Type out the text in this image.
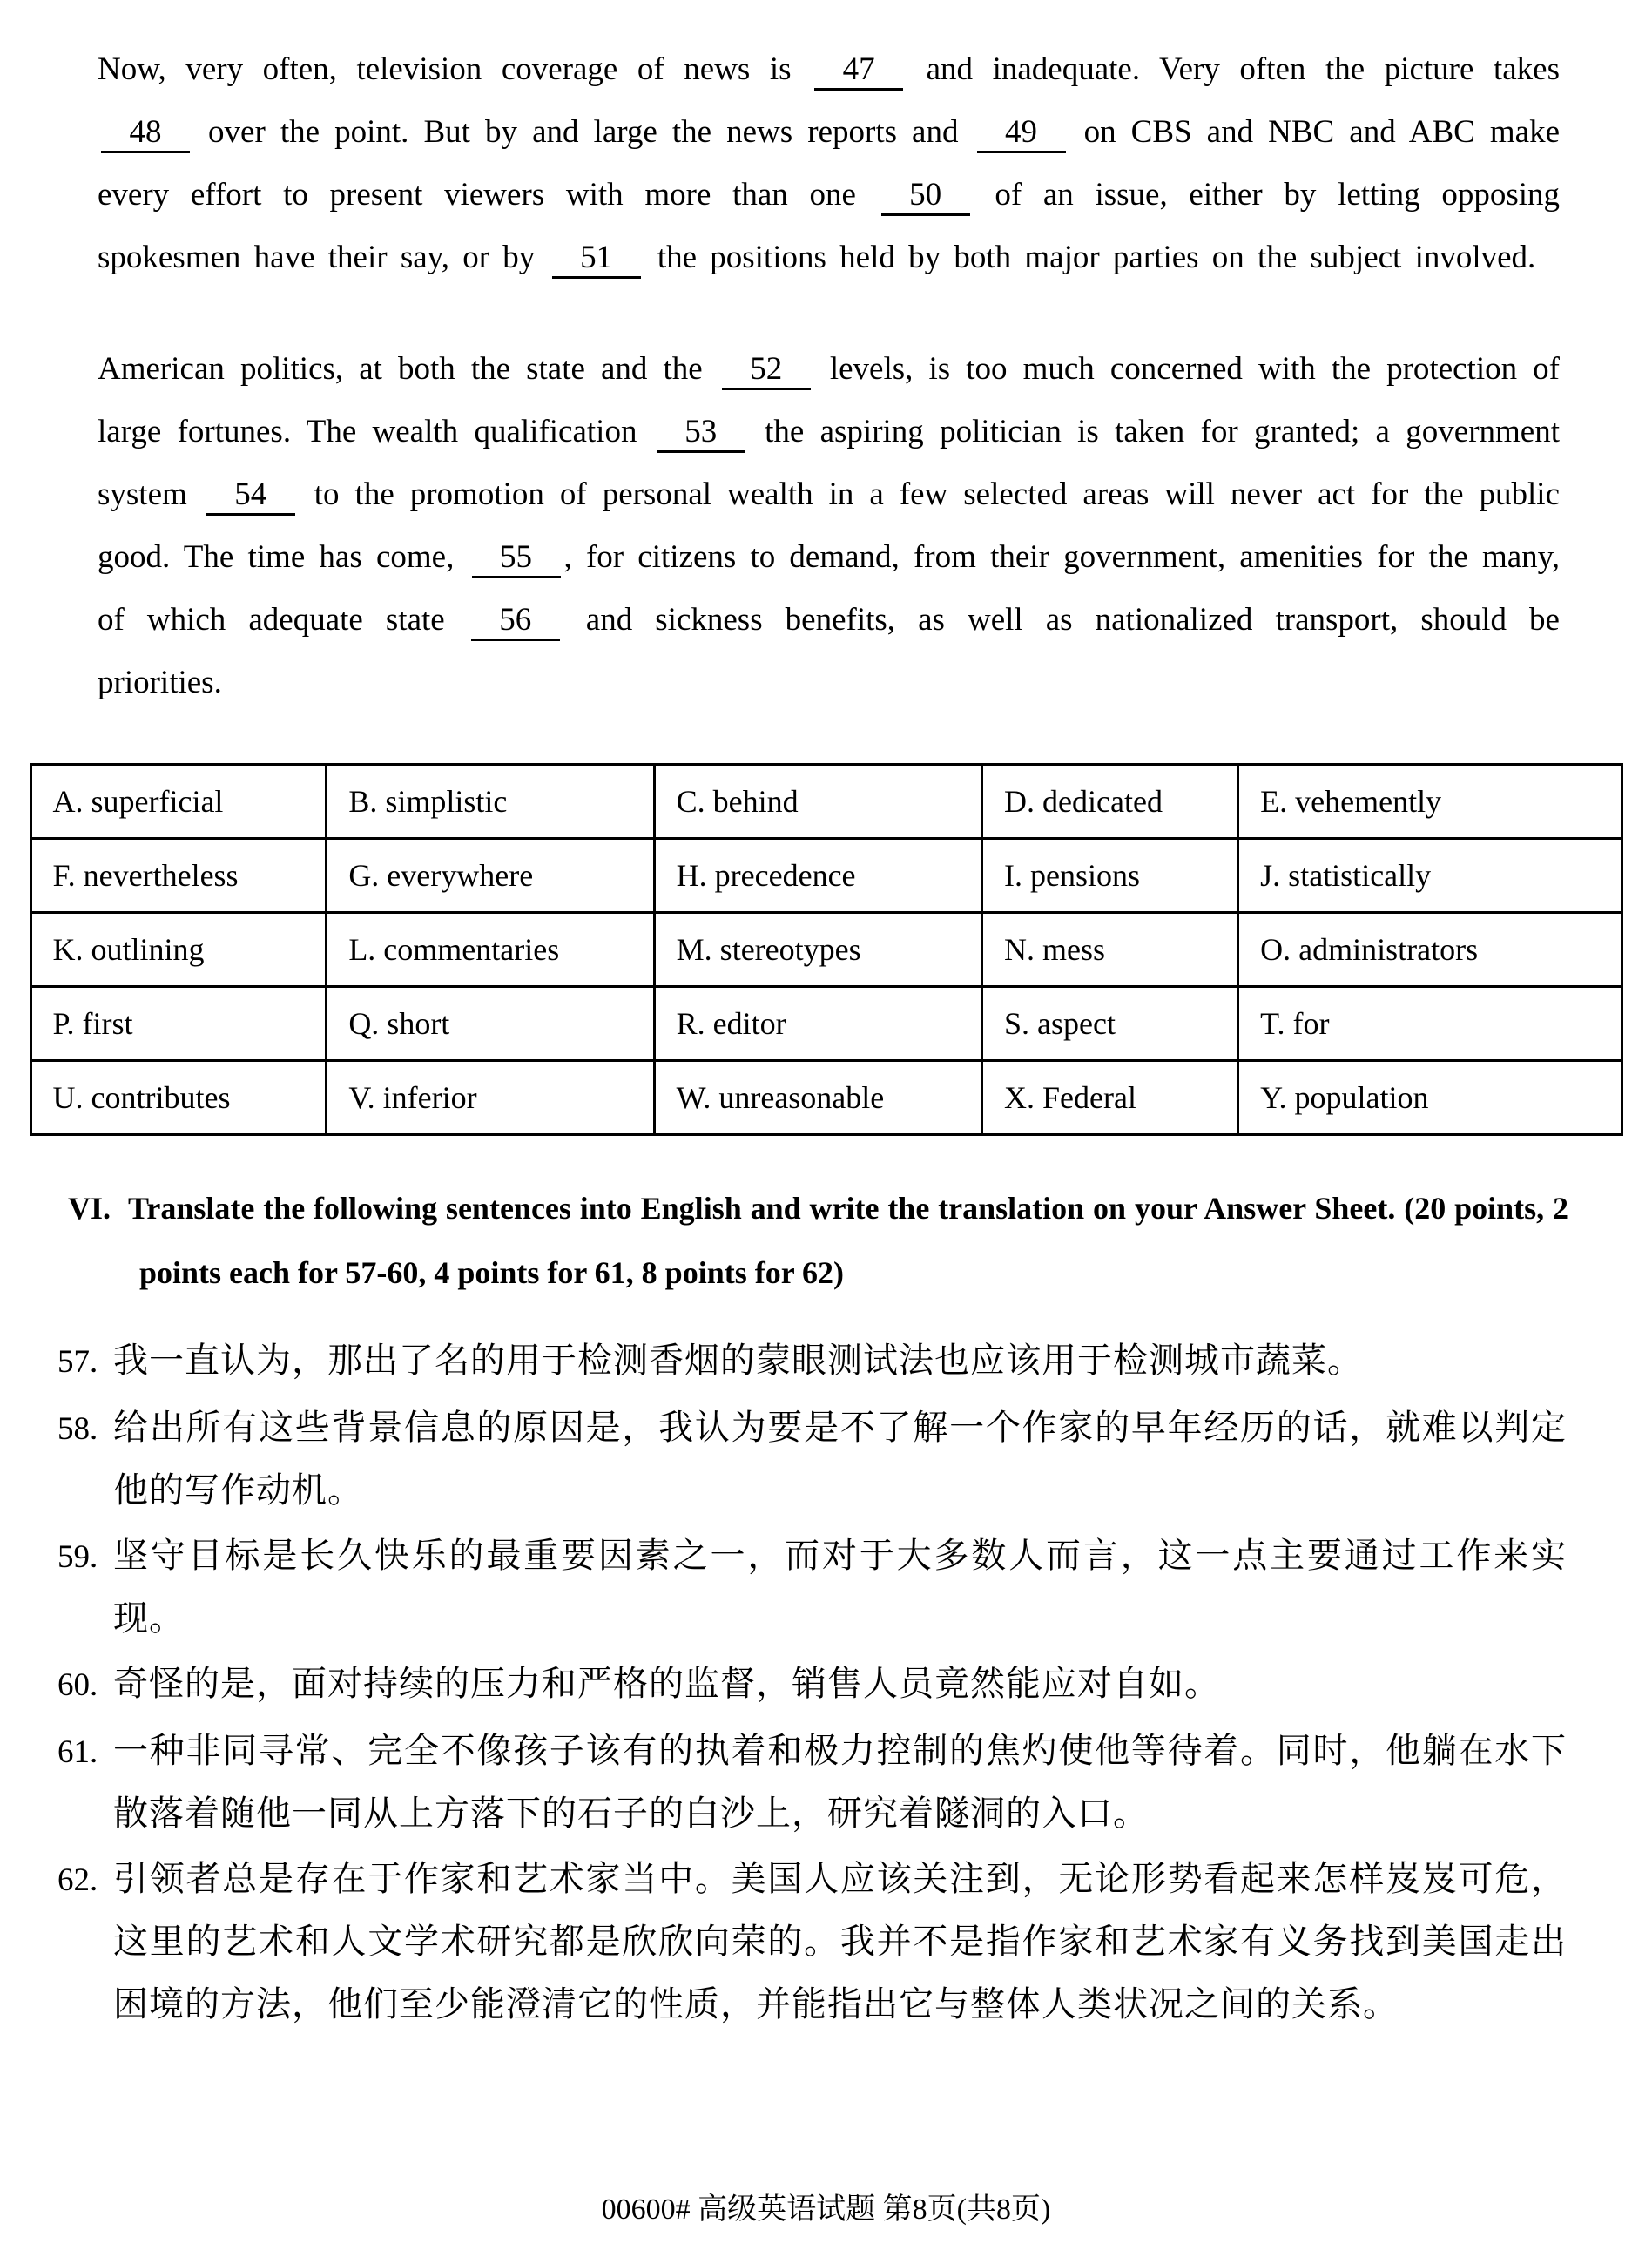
Now, very often, television coverage of news is 47 and inadequate. Very often the picture takes 48 over the point. But by and large the news reports and 49 on CBS and NBC and ABC make every effort to present viewers with more than one 50 of an issue, either by letting opposing spokesmen have their say, or by 51 the positions held by both major parties on the subject involved.

American politics, at both the state and the 52 levels, is too much concerned with the protection of large fortunes. The wealth qualification 53 the aspiring politician is taken for granted; a government system 54 to the promotion of personal wealth in a few selected areas will never act for the public good. The time has come, 55 , for citizens to demand, from their government, amenities for the many, of which adequate state 56 and sickness benefits, as well as nationalized transport, should be priorities.

A. superficial	B. simplistic	C. behind	D. dedicated	E. vehemently
F. nevertheless	G. everywhere	H. precedence	I. pensions	J. statistically
K. outlining	L. commentaries	M. stereotypes	N. mess	O. administrators
P. first	Q. short	R. editor	S. aspect	T. for
U. contributes	V. inferior	W. unreasonable	X. Federal	Y. population
VI. Translate the following sentences into English and write the translation on your Answer Sheet. (20 points, 2 points each for 57-60, 4 points for 61, 8 points for 62)
57. 我一直认为，那出了名的用于检测香烟的蒙眼测试法也应该用于检测城市蔬菜。
58. 给出所有这些背景信息的原因是，我认为要是不了解一个作家的早年经历的话，就难以判定他的写作动机。
59. 坚守目标是长久快乐的最重要因素之一，而对于大多数人而言，这一点主要通过工作来实现。
60. 奇怪的是，面对持续的压力和严格的监督，销售人员竟然能应对自如。
61. 一种非同寻常、完全不像孩子该有的执着和极力控制的焦灼使他等待着。同时，他躺在水下散落着随他一同从上方落下的石子的白沙上，研究着隧洞的入口。
62. 引领者总是存在于作家和艺术家当中。美国人应该关注到，无论形势看起来怎样岌岌可危，这里的艺术和人文学术研究都是欣欣向荣的。我并不是指作家和艺术家有义务找到美国走出困境的方法，他们至少能澄清它的性质，并能指出它与整体人类状况之间的关系。
00600# 高级英语试题 第8页(共8页)
